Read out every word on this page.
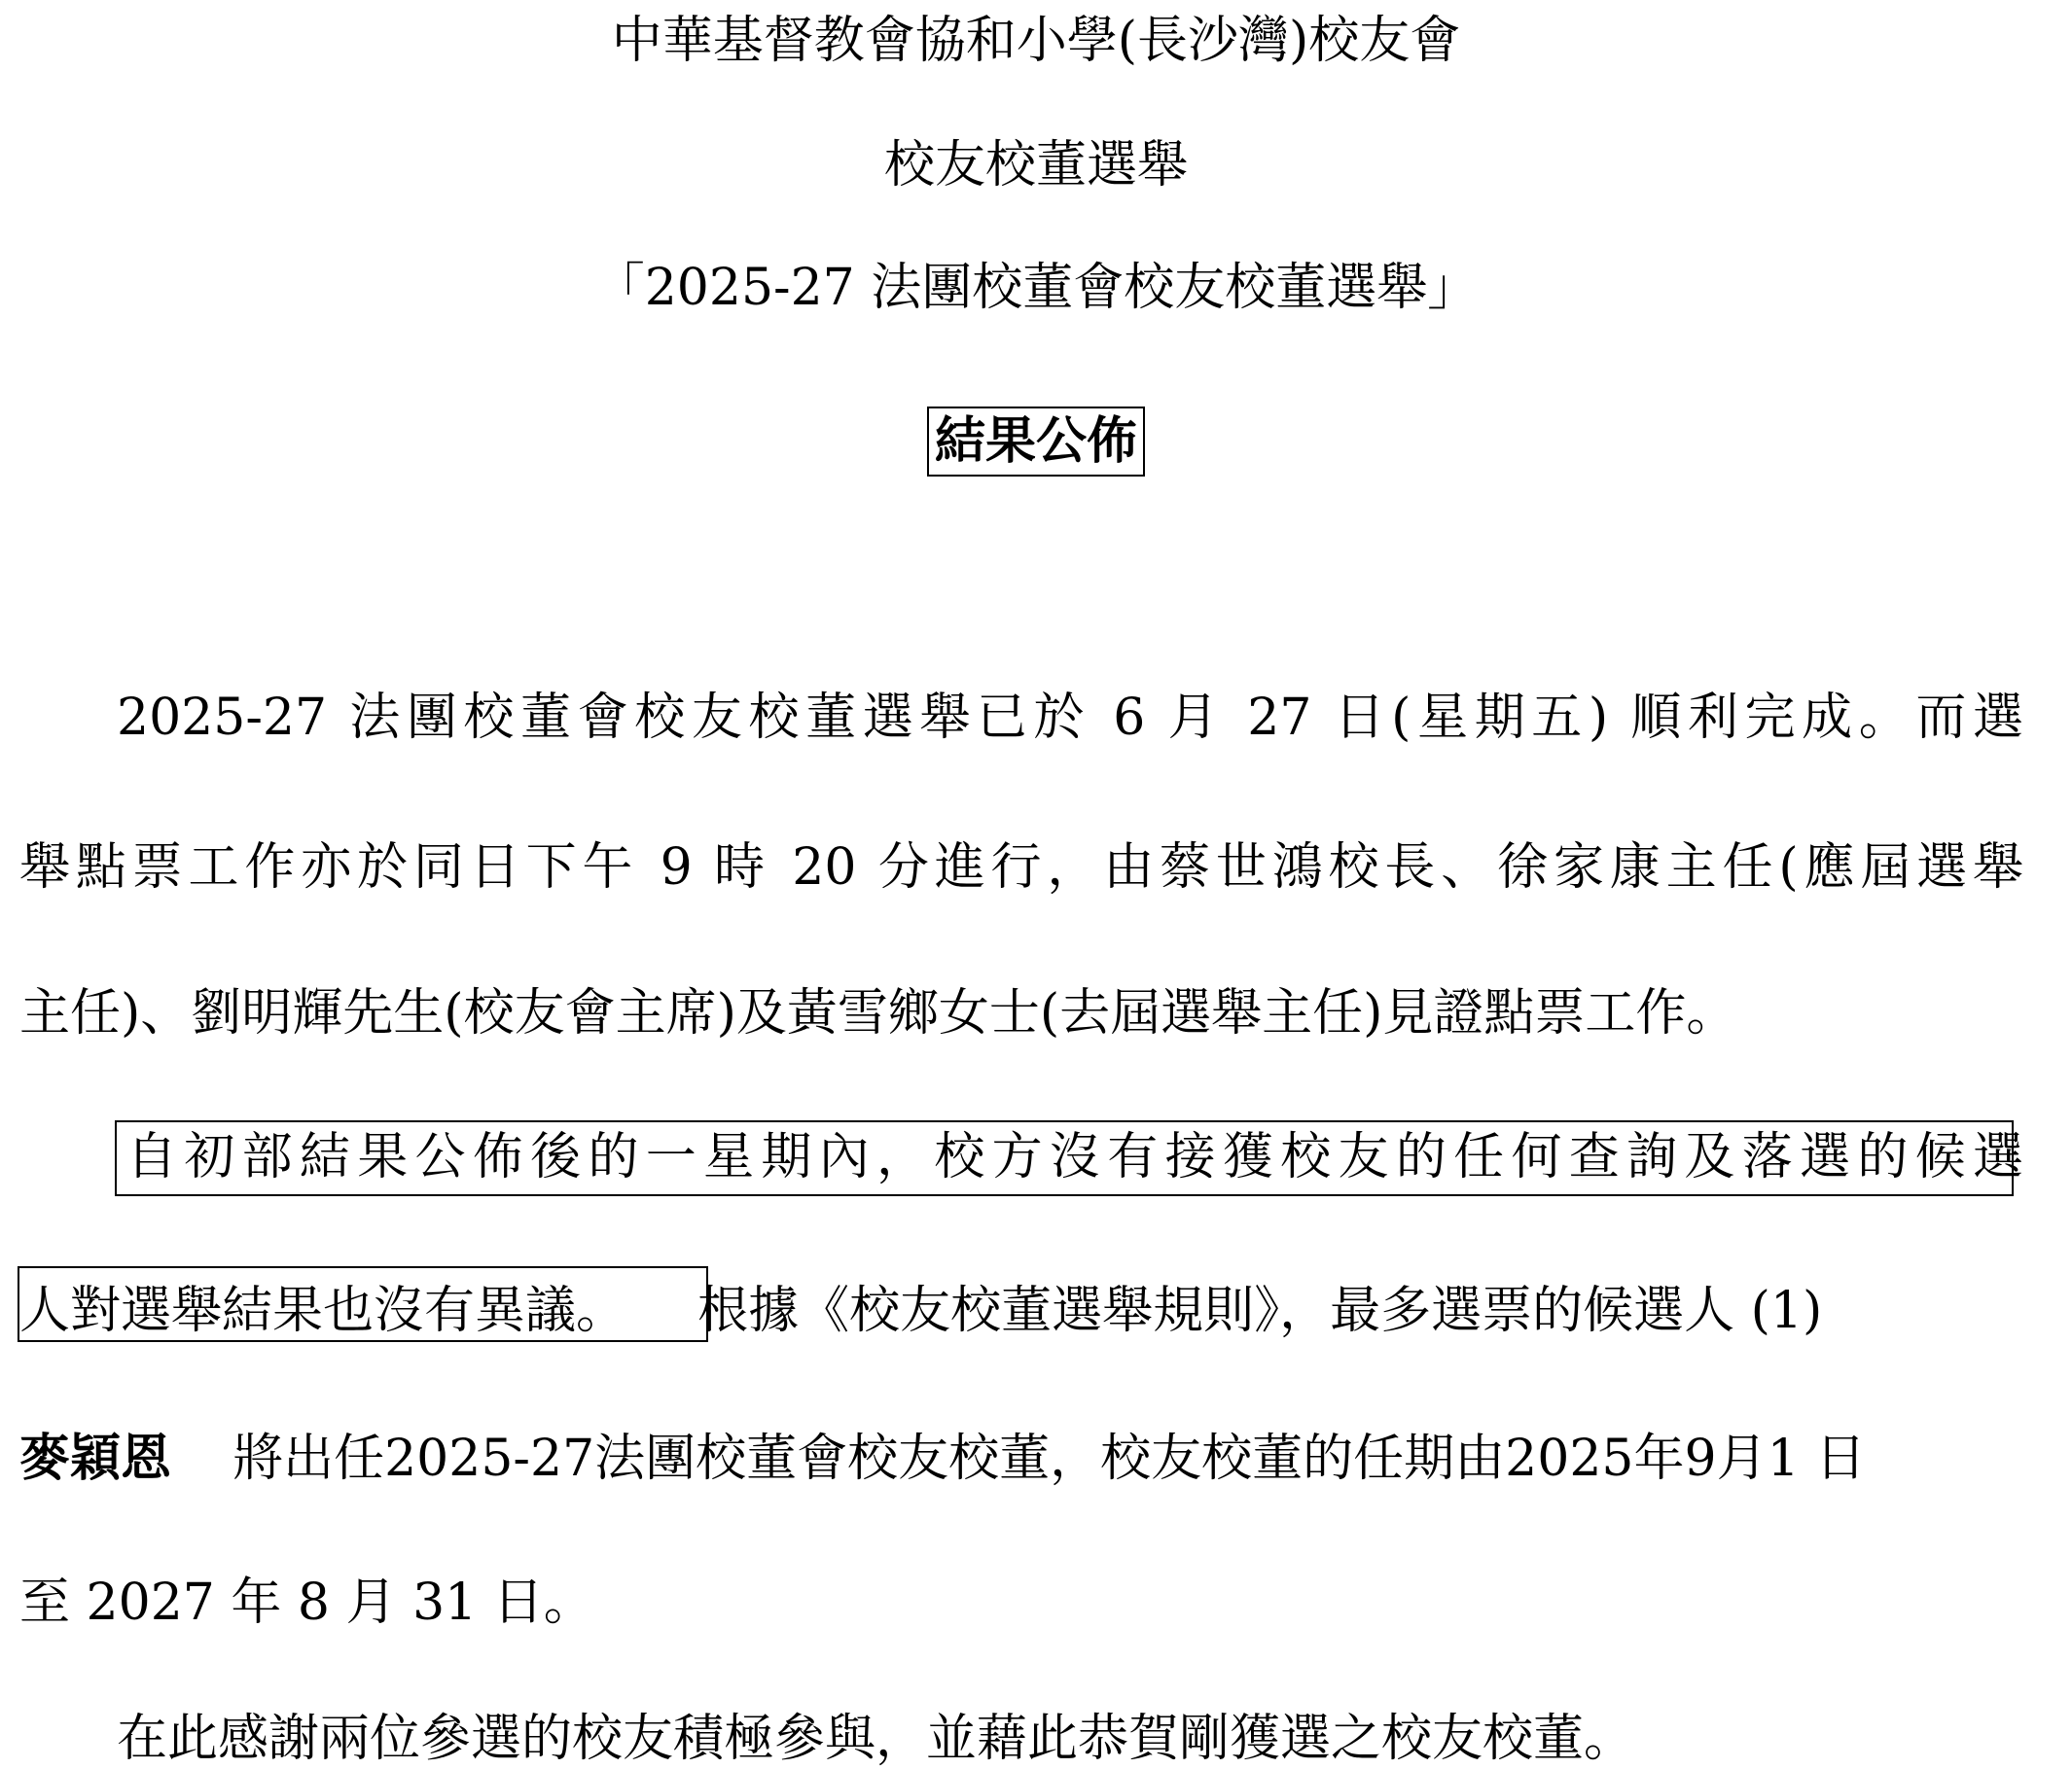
中華基督教會協和小學(長沙灣)校友會
校友校董選舉
「2025-27 法團校董會校友校董選舉」
結果公佈
2025-27 法團校董會校友校董選舉已於 6 月 27 日(星期五) 順利完成。而選
舉點票工作亦於同日下午 9 時 20 分進行，由蔡世鴻校長、徐家康主任(應屆選舉
主任)、劉明輝先生(校友會主席)及黃雪鄉女士(去屆選舉主任)見證點票工作。
自初部結果公佈後的一星期內，校方沒有接獲校友的任何查詢及落選的候選
人對選舉結果也沒有異議。 根據《校友校董選舉規則》，最多選票的候選人 (1)
麥穎恩 將出任2025-27法團校董會校友校董，校友校董的任期由2025年9月1 日
至 2027 年 8 月 31 日。
在此感謝兩位參選的校友積極參與，並藉此恭賀剛獲選之校友校董。
